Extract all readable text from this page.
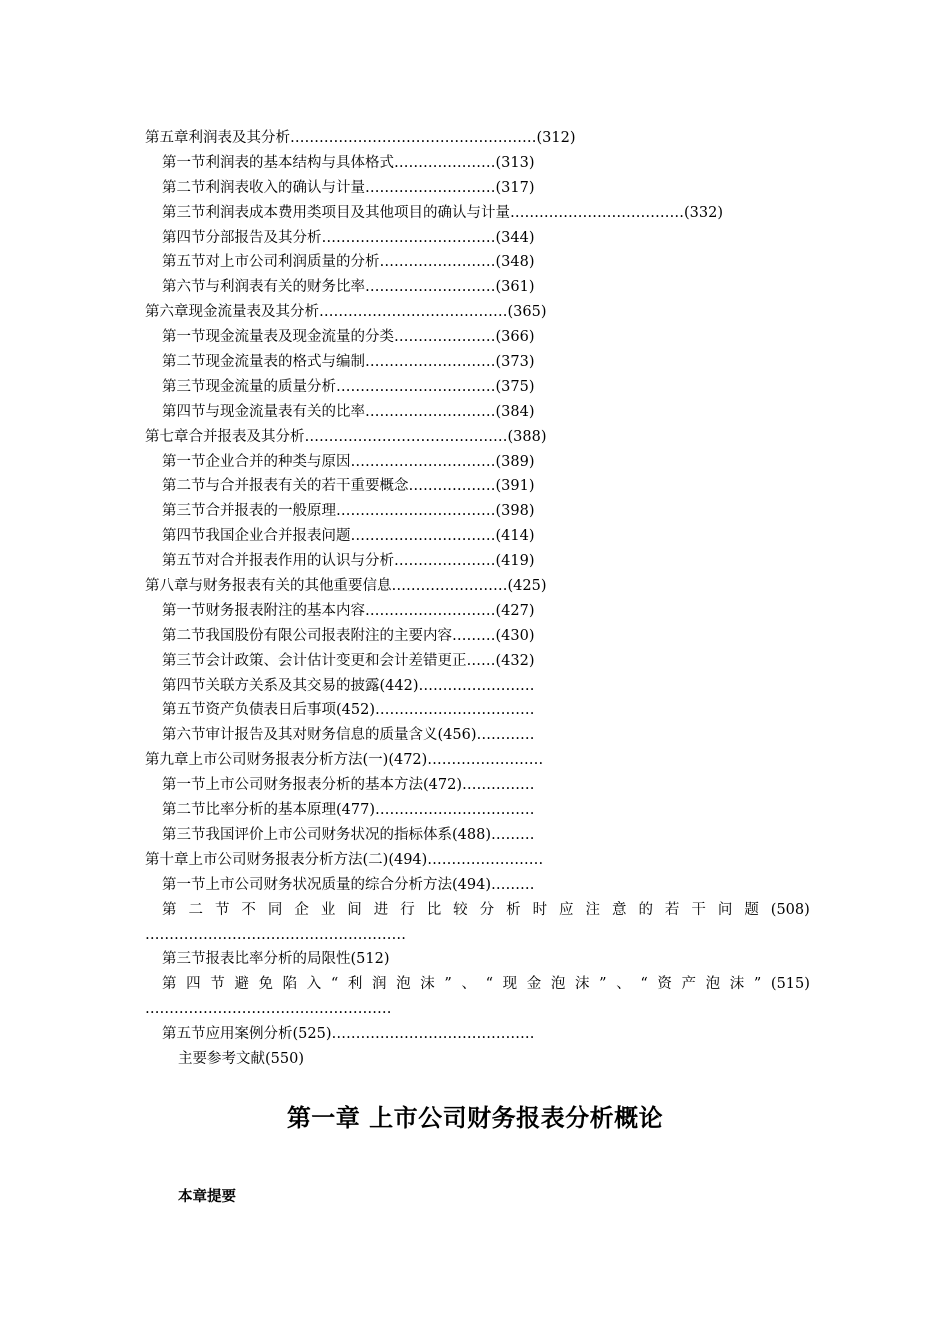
第五章利润表及其分析……………………………………………(312)
第一节利润表的基本结构与具体格式…………………(313)
第二节利润表收入的确认与计量………………………(317)
第三节利润表成本费用类项目及其他项目的确认与计量………………………………(332)
第四节分部报告及其分析………………………………(344)
第五节对上市公司利润质量的分析……………………(348)
第六节与利润表有关的财务比率………………………(361)
第六章现金流量表及其分析…………………………………(365)
第一节现金流量表及现金流量的分类…………………(366)
第二节现金流量表的格式与编制………………………(373)
第三节现金流量的质量分析……………………………(375)
第四节与现金流量表有关的比率………………………(384)
第七章合并报表及其分析……………………………………(388)
第一节企业合并的种类与原因…………………………(389)
第二节与合并报表有关的若干重要概念………………(391)
第三节合并报表的一般原理……………………………(398)
第四节我国企业合并报表问题…………………………(414)
第五节对合并报表作用的认识与分析…………………(419)
第八章与财务报表有关的其他重要信息……………………(425)
第一节财务报表附注的基本内容………………………(427)
第二节我国股份有限公司报表附注的主要内容………(430)
第三节会计政策、会计估计变更和会计差错更正……(432)
第四节关联方关系及其交易的披露(442)……………………
第五节资产负债表日后事项(452)……………………………
第六节审计报告及其对财务信息的质量含义(456)…………
第九章上市公司财务报表分析方法(一)(472)……………………
第一节上市公司财务报表分析的基本方法(472)……………
第二节比率分析的基本原理(477)……………………………
第三节我国评价上市公司财务状况的指标体系(488)………
第十章上市公司财务报表分析方法(二)(494)……………………
第一节上市公司财务状况质量的综合分析方法(494)………
第 二 节 不 同 企 业 间 进 行 比 较 分 析 时 应 注 意 的 若 干 问 题 (508)
………………………………………………
第三节报表比率分析的局限性(512)
第 四 节 避 免 陷 入 “ 利 润 泡 沫 ” 、 “ 现 金 泡 沫 ” 、 “ 资 产 泡 沫 ” (515)
……………………………………………
第五节应用案例分析(525)……………………………………
主要参考文献(550)
第一章 上市公司财务报表分析概论
本章提要
